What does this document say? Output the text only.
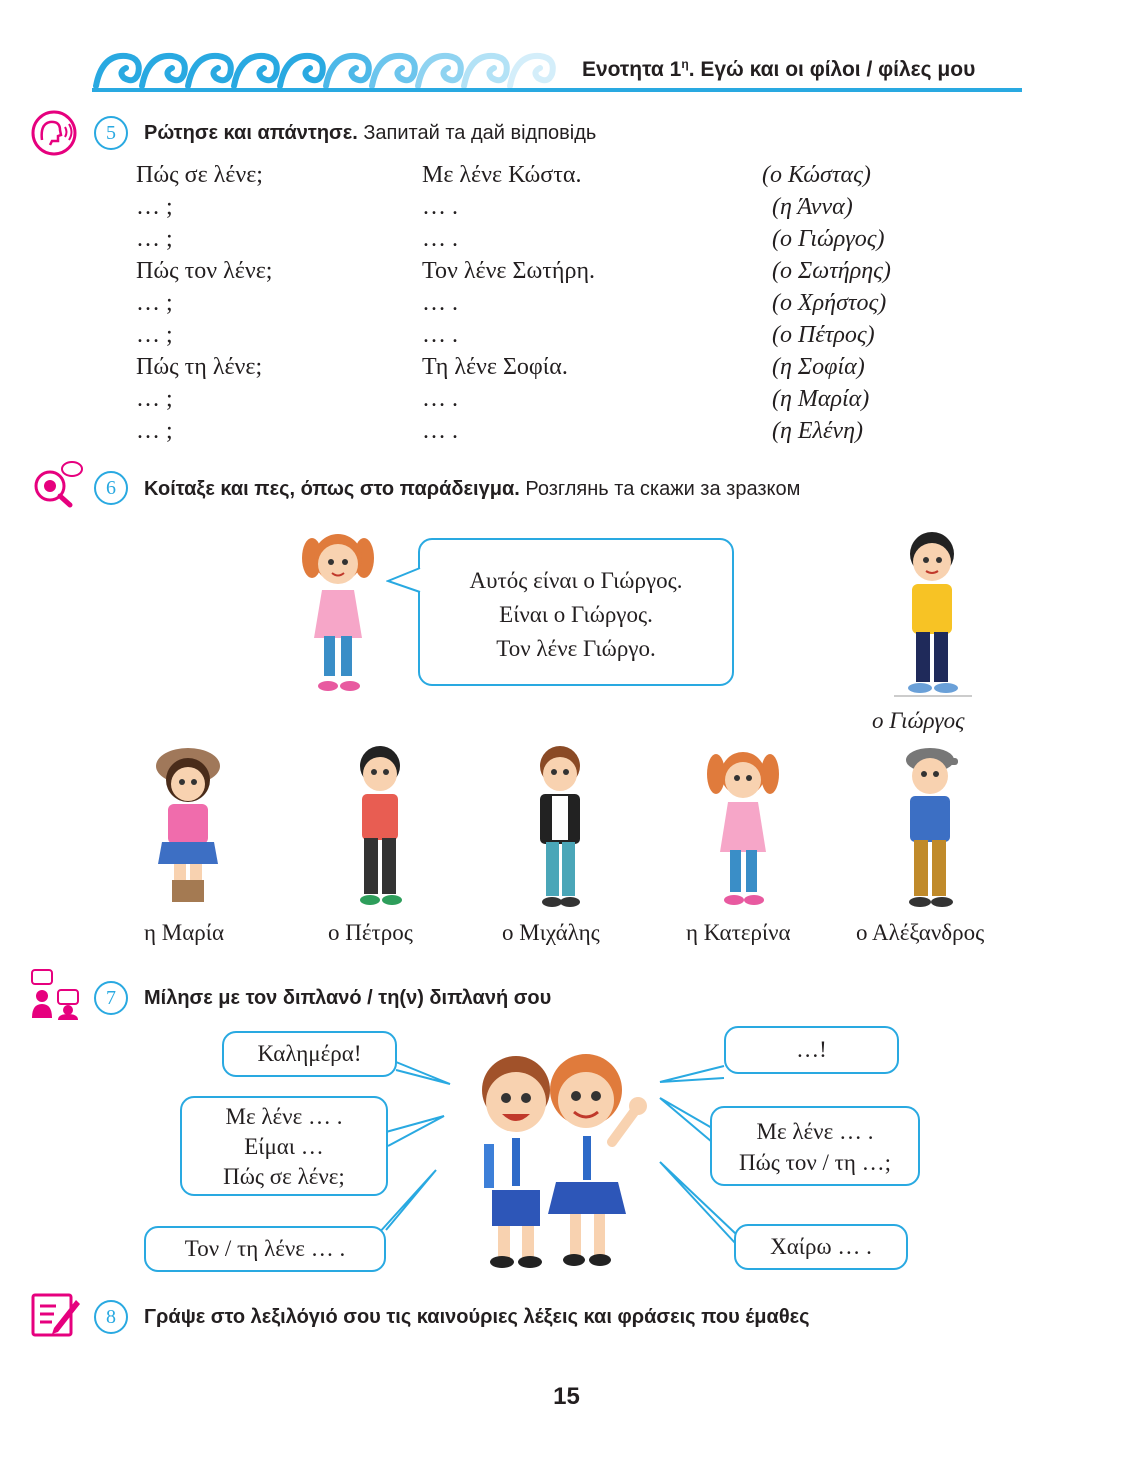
Ενοτητα $1^\eta$. Εγώ και οι φίλοι / φίλες μου
5	Ρώτησε και απάντησε. Запитай та дай відповідь
Πώς σε λένε;	Με λένε Κώστα.	(ο Κώστας)
… ;	… .	(η Άννα)
… ;	… .	(ο Γιώργος)
Πώς τον λένε;	Τον λένε Σωτήρη.	(ο Σωτήρης)
… ;	… .	(ο Χρήστος)
… ;	… .	(ο Πέτρος)
Πώς τη λένε;	Τη λένε Σοφία.	(η Σοφία)
… ;	… .	(η Μαρία)
… ;	… .	(η Ελένη)
6	Κοίταξε και πες, όπως στο παράδειγμα. Розглянь та скажи за зразком
Αυτός είναι ο Γιώργος.
Είναι ο Γιώργος.
Τον λένε Γιώργο.
ο Γιώργος
η Μαρία	ο Πέτρος	ο Μιχάλης	η Κατερίνα	ο Αλέξανδρος
7	Μίλησε με τον διπλανό / τη(ν) διπλανή σου
Καλημέρα!
Με λένε … .
Είμαι …
Πώς σε λένε;
Τον / τη λένε … .
…!
Με λένε … .
Πώς τον / τη …;
Χαίρω … .
8	Γράψε στο λεξιλόγιό σου τις καινούριες λέξεις και φράσεις που έμαθες
15
